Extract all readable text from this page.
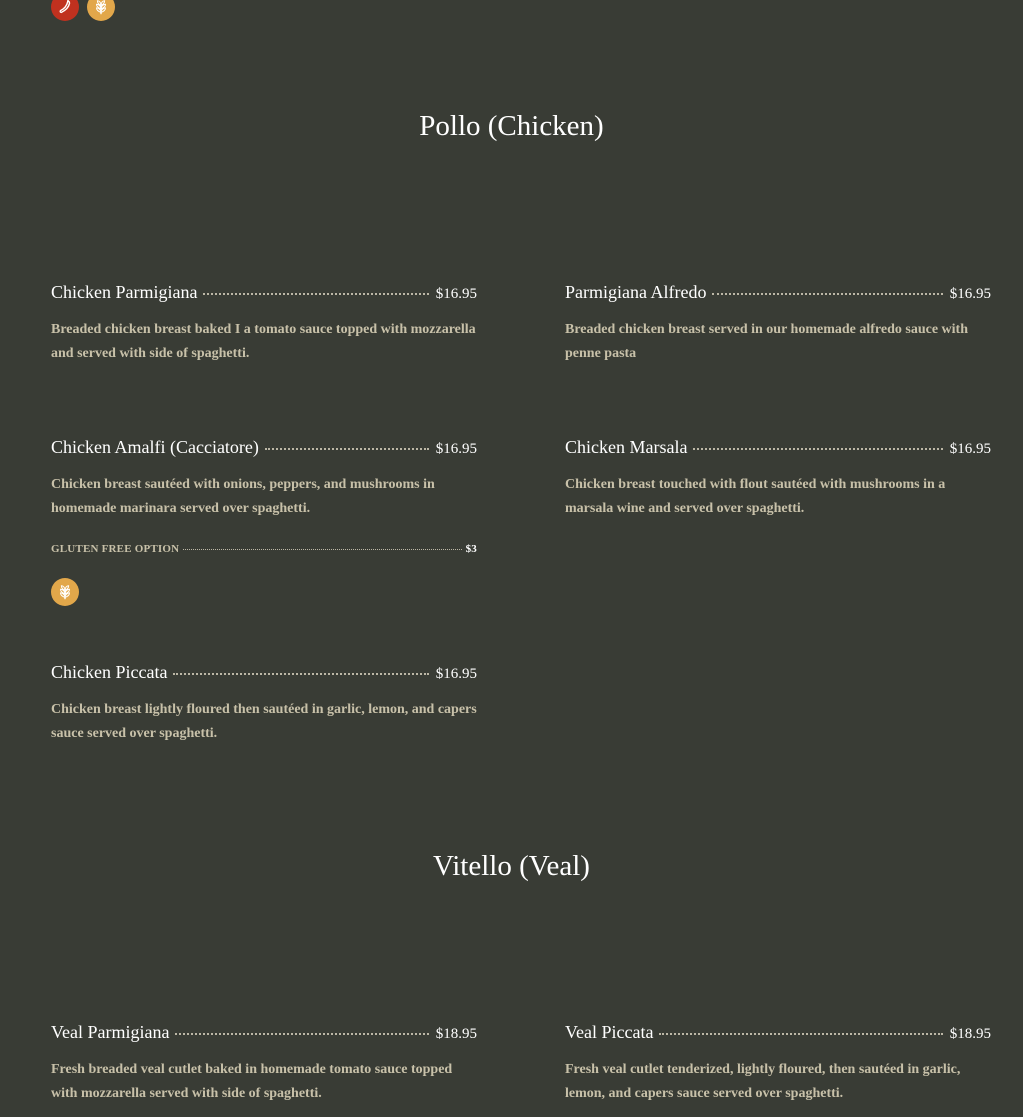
Pollo (Chicken)
Chicken Parmigiana	$16.95
Breaded chicken breast baked I a tomato sauce topped with mozzarella and served with side of spaghetti.
Parmigiana Alfredo	$16.95
Breaded chicken breast served in our homemade alfredo sauce with penne pasta
Chicken Amalfi (Cacciatore)	$16.95
Chicken breast sautéed with onions, peppers, and mushrooms in homemade marinara served over spaghetti.
GLUTEN FREE OPTION	$3
Chicken Marsala	$16.95
Chicken breast touched with flout sautéed with mushrooms in a marsala wine and served over spaghetti.
Chicken Piccata	$16.95
Chicken breast lightly floured then sautéed in garlic, lemon, and capers sauce served over spaghetti.
Vitello (Veal)
Veal Parmigiana	$18.95
Fresh breaded veal cutlet baked in homemade tomato sauce topped with mozzarella served with side of spaghetti.
Veal Piccata	$18.95
Fresh veal cutlet tenderized, lightly floured, then sautéed in garlic, lemon, and capers sauce served over spaghetti.
